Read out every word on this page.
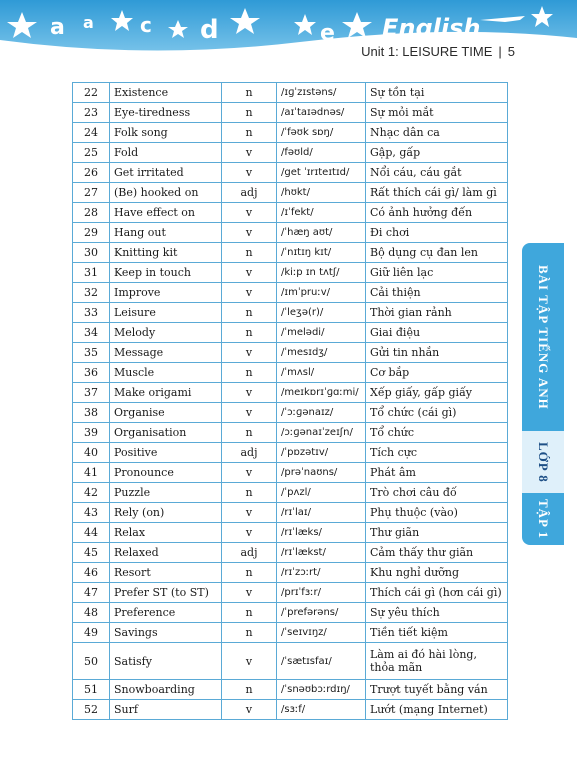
a a c d	e English
Unit 1: LEISURE TIME | 5
22	Existence	n	/ɪɡˈzɪstəns/	Sự tồn tại
23	Eye-tiredness	n	/aɪˈtaɪədnəs/	Sự mỏi mắt
24	Folk song	n	/ˈfəʊk sɒŋ/	Nhạc dân ca
25	Fold	v	/fəʊld/	Gập, gấp
26	Get irritated	v	/get ˈɪrɪteɪtɪd/	Nổi cáu, cáu gắt
27	(Be) hooked on	adj	/hʊkt/	Rất thích cái gì/ làm gì
28	Have effect on	v	/ɪˈfekt/	Có ảnh hưởng đến
29	Hang out	v	/ˈhæŋ aʊt/	Đi chơi
30	Knitting kit	n	/ˈnɪtɪŋ kɪt/	Bộ dụng cụ đan len
31	Keep in touch	v	/kiːp ɪn tʌtʃ/	Giữ liên lạc
32	Improve	v	/ɪmˈpruːv/	Cải thiện
33	Leisure	n	/ˈleʒə(r)/	Thời gian rảnh
34	Melody	n	/ˈmelədi/	Giai điệu
35	Message	v	/ˈmesɪdʒ/	Gửi tin nhắn
36	Muscle	n	/ˈmʌsl/	Cơ bắp
37	Make origami	v	/meɪkɒrɪˈɡɑːmi/	Xếp giấy, gấp giấy
38	Organise	v	/ˈɔːɡənaɪz/	Tổ chức (cái gì)
39	Organisation	n	/ɔːɡənaɪˈzeɪʃn/	Tổ chức
40	Positive	adj	/ˈpɒzətɪv/	Tích cực
41	Pronounce	v	/prəˈnaʊns/	Phát âm
42	Puzzle	n	/ˈpʌzl/	Trò chơi câu đố
43	Rely (on)	v	/rɪˈlaɪ/	Phụ thuộc (vào)
44	Relax	v	/rɪˈlæks/	Thư giãn
45	Relaxed	adj	/rɪˈlækst/	Cảm thấy thư giãn
46	Resort	n	/rɪˈzɔːrt/	Khu nghỉ dưỡng
47	Prefer ST (to ST)	v	/prɪˈfɜːr/	Thích cái gì (hơn cái gì)
48	Preference	n	/ˈprefərəns/	Sự yêu thích
49	Savings	n	/ˈseɪvɪŋz/	Tiền tiết kiệm
50	Satisfy	v	/ˈsætɪsfaɪ/	Làm ai đó hài lòng, thỏa mãn
51	Snowboarding	n	/ˈsnəʊbɔːrdɪŋ/	Trượt tuyết bằng ván
52	Surf	v	/sɜːf/	Lướt (mạng Internet)
BÀI TẬP TIẾNG ANH
LỚP 8
TẬP 1
